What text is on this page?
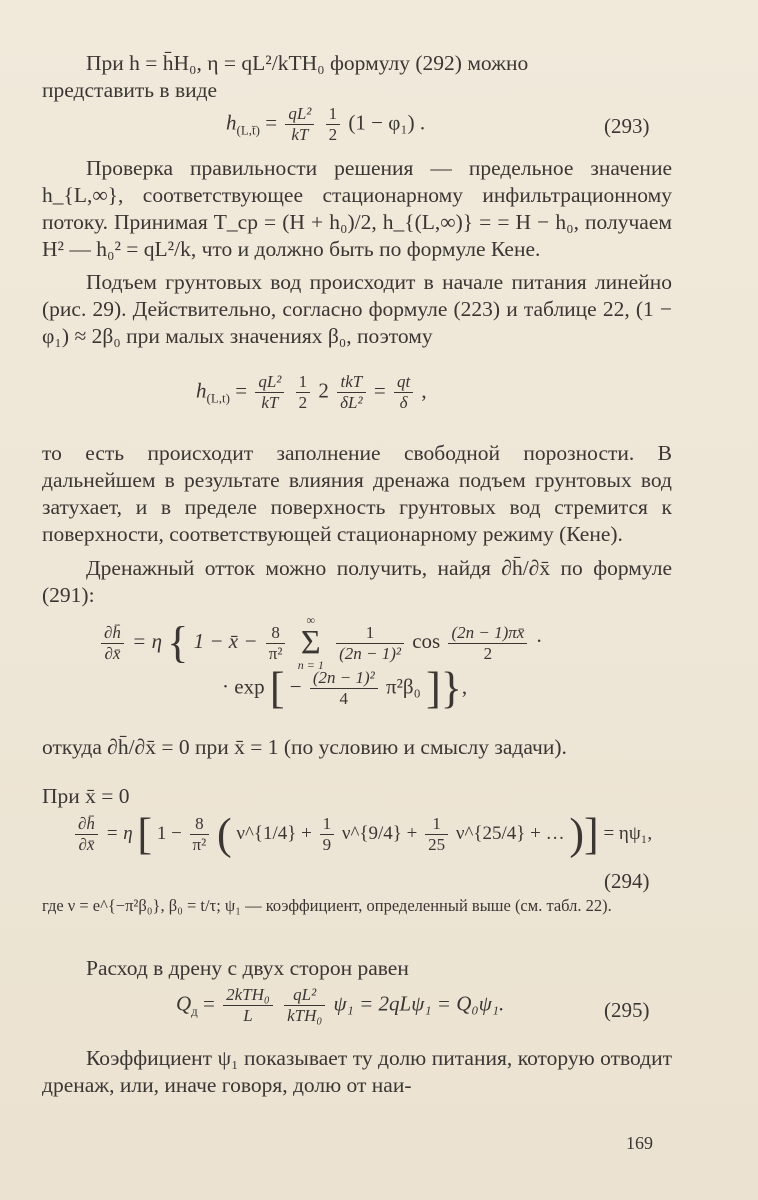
При h = h̄H₀, η = qL²/kTH₀ формулу (292) можно

представить в виде

$h_{(L,t̄)} = \frac{\text{qL²}}{kT}$
$\frac{1}{2} (1 - \varphi_1)$ .	(293)

Проверка правильности решения — предельное значение h_{L,∞}, соответствующее стационарному инфильтрационному потоку. Принимая T_ср = (H + h₀)/2, h_{(L,∞)} = = H − h₀, получаем H² — h₀² = qL²/k, что и должно быть по формуле Кене.

Подъем грунтовых вод происходит в начале питания линейно (рис. 29). Действительно, согласно формуле (223) и таблице 22, (1 − φ₁) ≈ 2β₀ при малых значениях β₀, поэтому

$h_{(L,t)} = \frac{\text{qL²}}{kT}$
$\frac{1}{2} 2$ tkT
δL²
= $\frac{qt}{\delta}$ ,

то есть происходит заполнение свободной порозности. В дальнейшем в результате влияния дренажа подъем грунтовых вод затухает, и в пределе поверхность грунтовых вод стремится к поверхности, соответствующей стационарному режиму (Кене).

Дренажный отток можно получить, найдя ∂h̄/∂x̄ по формуле (291):

$\frac{\partial h̄}{\partial x̄} = \eta$ { 1 − x̄ − $\frac{8}{\text{π²}}$
∞
Σ
n = 1
$\frac{1}{\text{(2n − 1)²}}$ $\cos \frac{(2n - 1)\pi x̄}{2}$ ·
· exp [ − $\frac{\text{(2n − 1)²}}{4} \pi^2\beta_0$ ]},

откуда ∂h̄/∂x̄ = 0 при x̄ = 1 (по условию и смыслу задачи).

При x̄ = 0

$\frac{\partial h̄}{\partial x̄} = \eta$ [ $1 - \frac{8}{\text{π²}}$ ( ν^{1/4} + $\frac{1}{9}$ ν^{9/4} + $\frac{1}{25}$ ν^{25/4} + … )] = ηψ₁,
(294)

где ν = e^{−π²β₀}, β₀ = t/τ; ψ₁ — коэффициент, определенный выше (см. табл. 22).

Расход в дрену с двух сторон равен

$Q_д = 2kTH_0$
L

qL²
kTH₀
ψ₁ = 2qLψ₁ = Q₀ψ₁.	(295)

Коэффициент ψ₁ показывает ту долю питания, которую отводит дренаж, или, иначе говоря, долю от наи-

169
